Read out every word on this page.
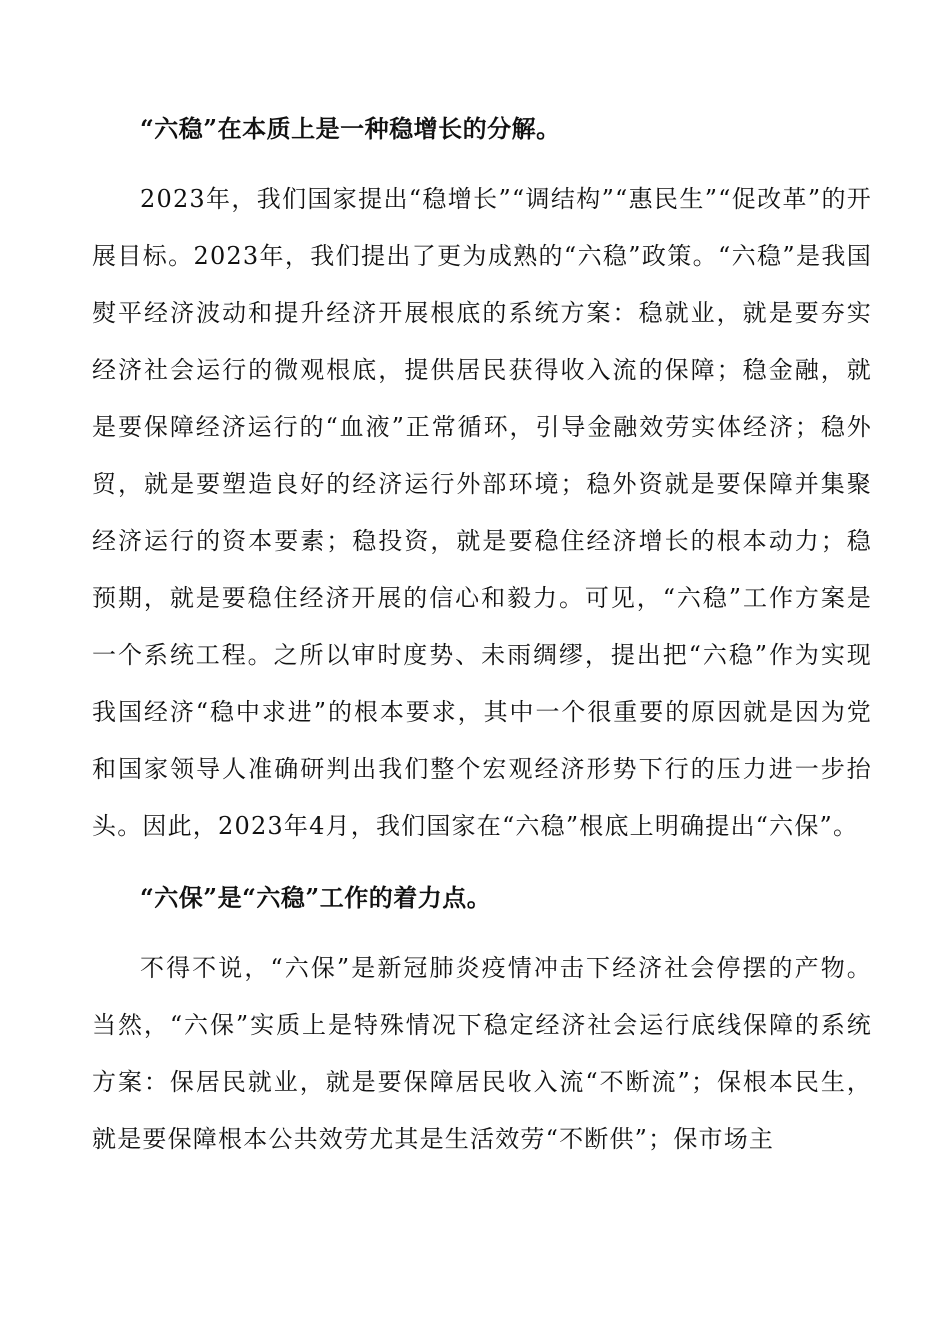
“六稳”在本质上是一种稳增长的分解。
2023年，我们国家提出“稳增长”“调结构”“惠民生”“促改革”的开展目标。2023年，我们提出了更为成熟的“六稳”政策。“六稳”是我国熨平经济波动和提升经济开展根底的系统方案：稳就业，就是要夯实经济社会运行的微观根底，提供居民获得收入流的保障；稳金融，就是要保障经济运行的“血液”正常循环，引导金融效劳实体经济；稳外贸，就是要塑造良好的经济运行外部环境；稳外资就是要保障并集聚经济运行的资本要素；稳投资，就是要稳住经济增长的根本动力；稳预期，就是要稳住经济开展的信心和毅力。可见，“六稳”工作方案是一个系统工程。之所以审时度势、未雨绸缪，提出把“六稳”作为实现我国经济“稳中求进”的根本要求，其中一个很重要的原因就是因为党和国家领导人准确研判出我们整个宏观经济形势下行的压力进一步抬头。因此，2023年4月，我们国家在“六稳”根底上明确提出“六保”。
“六保”是“六稳”工作的着力点。
不得不说，“六保”是新冠肺炎疫情冲击下经济社会停摆的产物。当然，“六保”实质上是特殊情况下稳定经济社会运行底线保障的系统方案：保居民就业，就是要保障居民收入流“不断流”；保根本民生，就是要保障根本公共效劳尤其是生活效劳“不断供”；保市场主
